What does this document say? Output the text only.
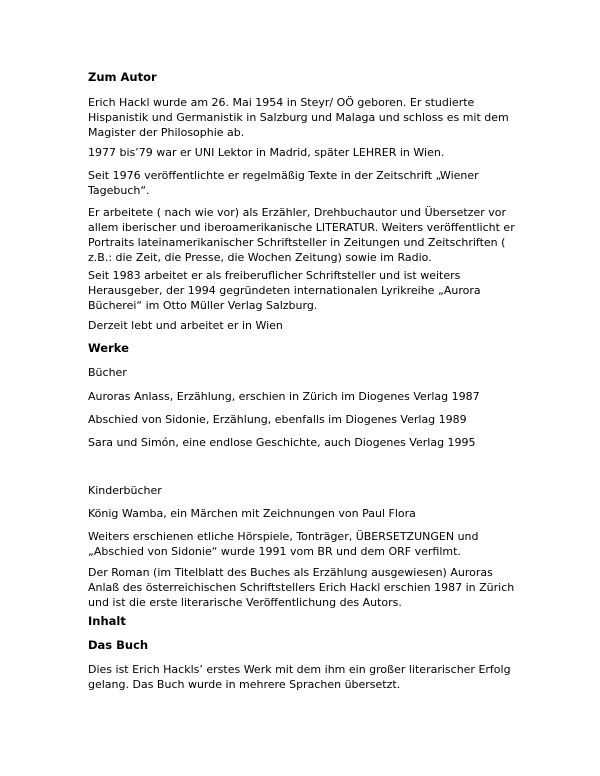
Zum Autor
Erich Hackl wurde am 26. Mai 1954 in Steyr/ OÖ geboren. Er studierte Hispanistik und Germanistik in Salzburg und Malaga und schloss es mit dem Magister der Philosophie ab.
1977 bis’79 war er UNI Lektor in Madrid, später LEHRER in Wien.
Seit 1976 veröffentlichte er regelmäßig Texte in der Zeitschrift „Wiener Tagebuch“.
Er arbeitete ( nach wie vor) als Erzähler, Drehbuchautor und Übersetzer vor allem iberischer und iberoamerikanische LITERATUR. Weiters veröffentlicht er Portraits lateinamerikanischer Schriftsteller in Zeitungen und Zeitschriften ( z.B.: die Zeit, die Presse, die Wochen Zeitung) sowie im Radio.
Seit 1983 arbeitet er als freiberuflicher Schriftsteller und ist weiters Herausgeber, der 1994 gegründeten internationalen Lyrikreihe „Aurora Bücherei“ im Otto Müller Verlag Salzburg.
Derzeit lebt und arbeitet er in Wien
Werke
Bücher
Auroras Anlass, Erzählung, erschien in Zürich im Diogenes Verlag 1987
Abschied von Sidonie, Erzählung, ebenfalls im Diogenes Verlag 1989
Sara und Simón, eine endlose Geschichte, auch Diogenes Verlag 1995
Kinderbücher
König Wamba, ein Märchen mit Zeichnungen von Paul Flora
Weiters erschienen etliche Hörspiele, Tonträger, ÜBERSETZUNGEN und „Abschied von Sidonie“ wurde 1991 vom BR und dem ORF verfilmt.
Der Roman (im Titelblatt des Buches als Erzählung ausgewiesen) Auroras Anlaß des österreichischen Schriftstellers Erich Hackl erschien 1987 in Zürich und ist die erste literarische Veröffentlichung des Autors.
Inhalt
Das Buch
Dies ist Erich Hackls’ erstes Werk mit dem ihm ein großer literarischer Erfolg gelang. Das Buch wurde in mehrere Sprachen übersetzt.
